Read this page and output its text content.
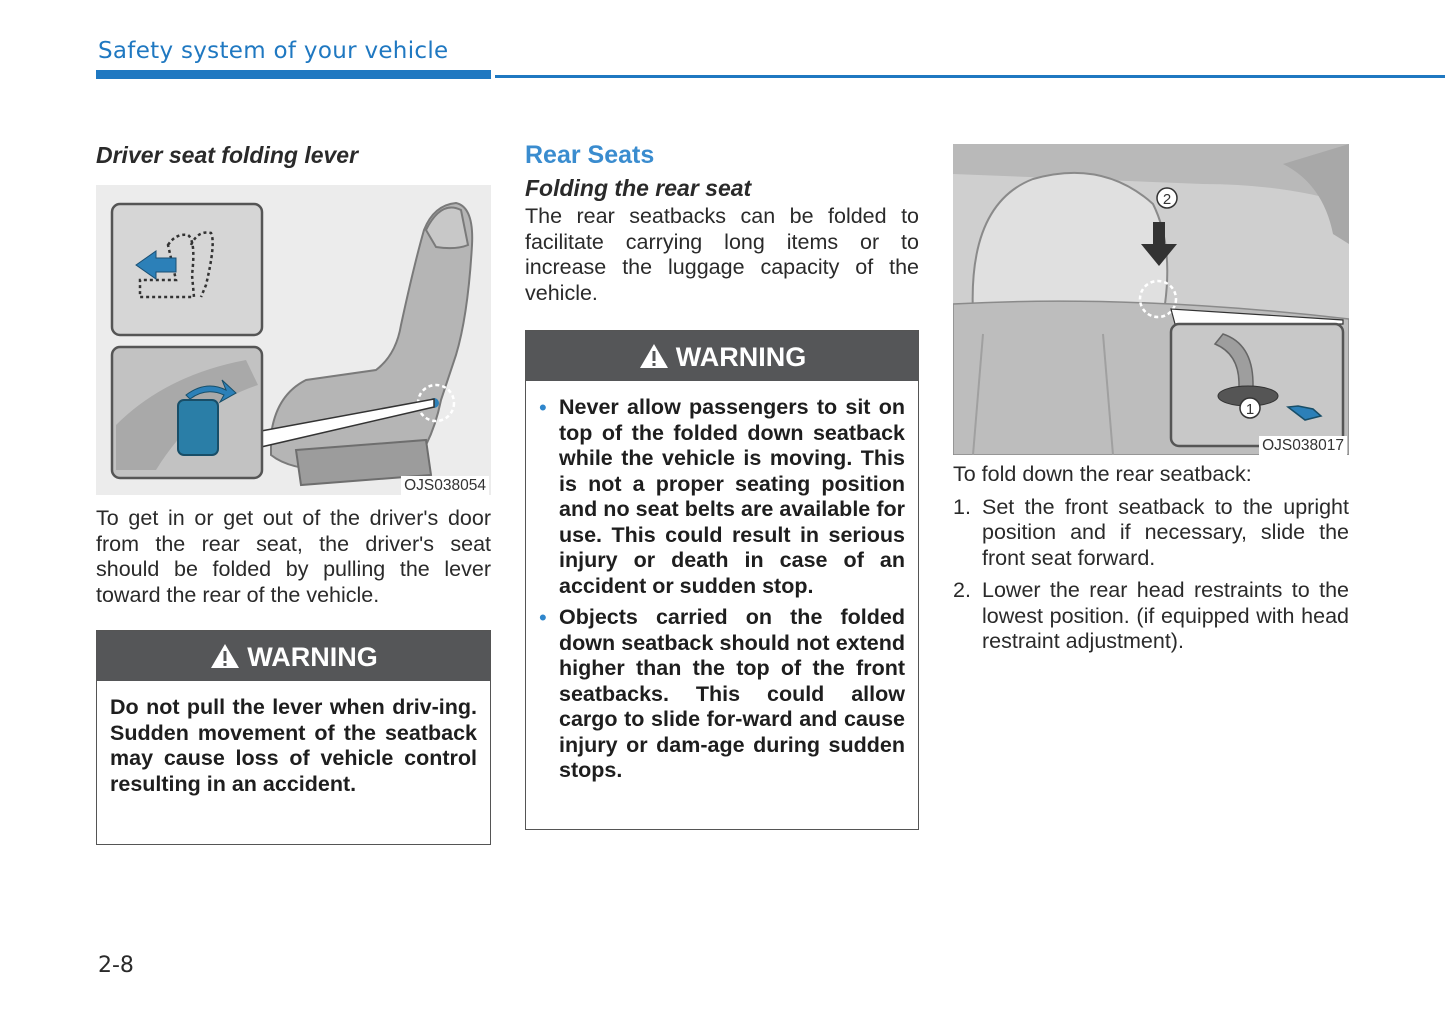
Safety system of your vehicle
Driver seat folding lever
OJS038054

To get in or get out of the driver's door from the rear seat, the driver's seat should be folded by pulling the lever toward the rear of the vehicle.

WARNING

Do not pull the lever when driv-ing. Sudden movement of the seatback may cause loss of vehicle control resulting in an accident.

Rear Seats
Folding the rear seat

The rear seatbacks can be folded to facilitate carrying long items or to increase the luggage capacity of the vehicle.

WARNING
• Never allow passengers to sit on top of the folded down seatback while the vehicle is moving. This is not a proper seating position and no seat belts are available for use. This could result in serious injury or death in case of an accident or sudden stop.

• Objects carried on the folded down seatback should not extend higher than the top of the front seatbacks. This could allow cargo to slide for-ward and cause injury or dam-age during sudden stops.

2
1
OJS038017

To fold down the rear seatback:

1. Set the front seatback to the upright position and if necessary, slide the front seat forward.

2. Lower the rear head restraints to the lowest position. (if equipped with head restraint adjustment).

2-8
